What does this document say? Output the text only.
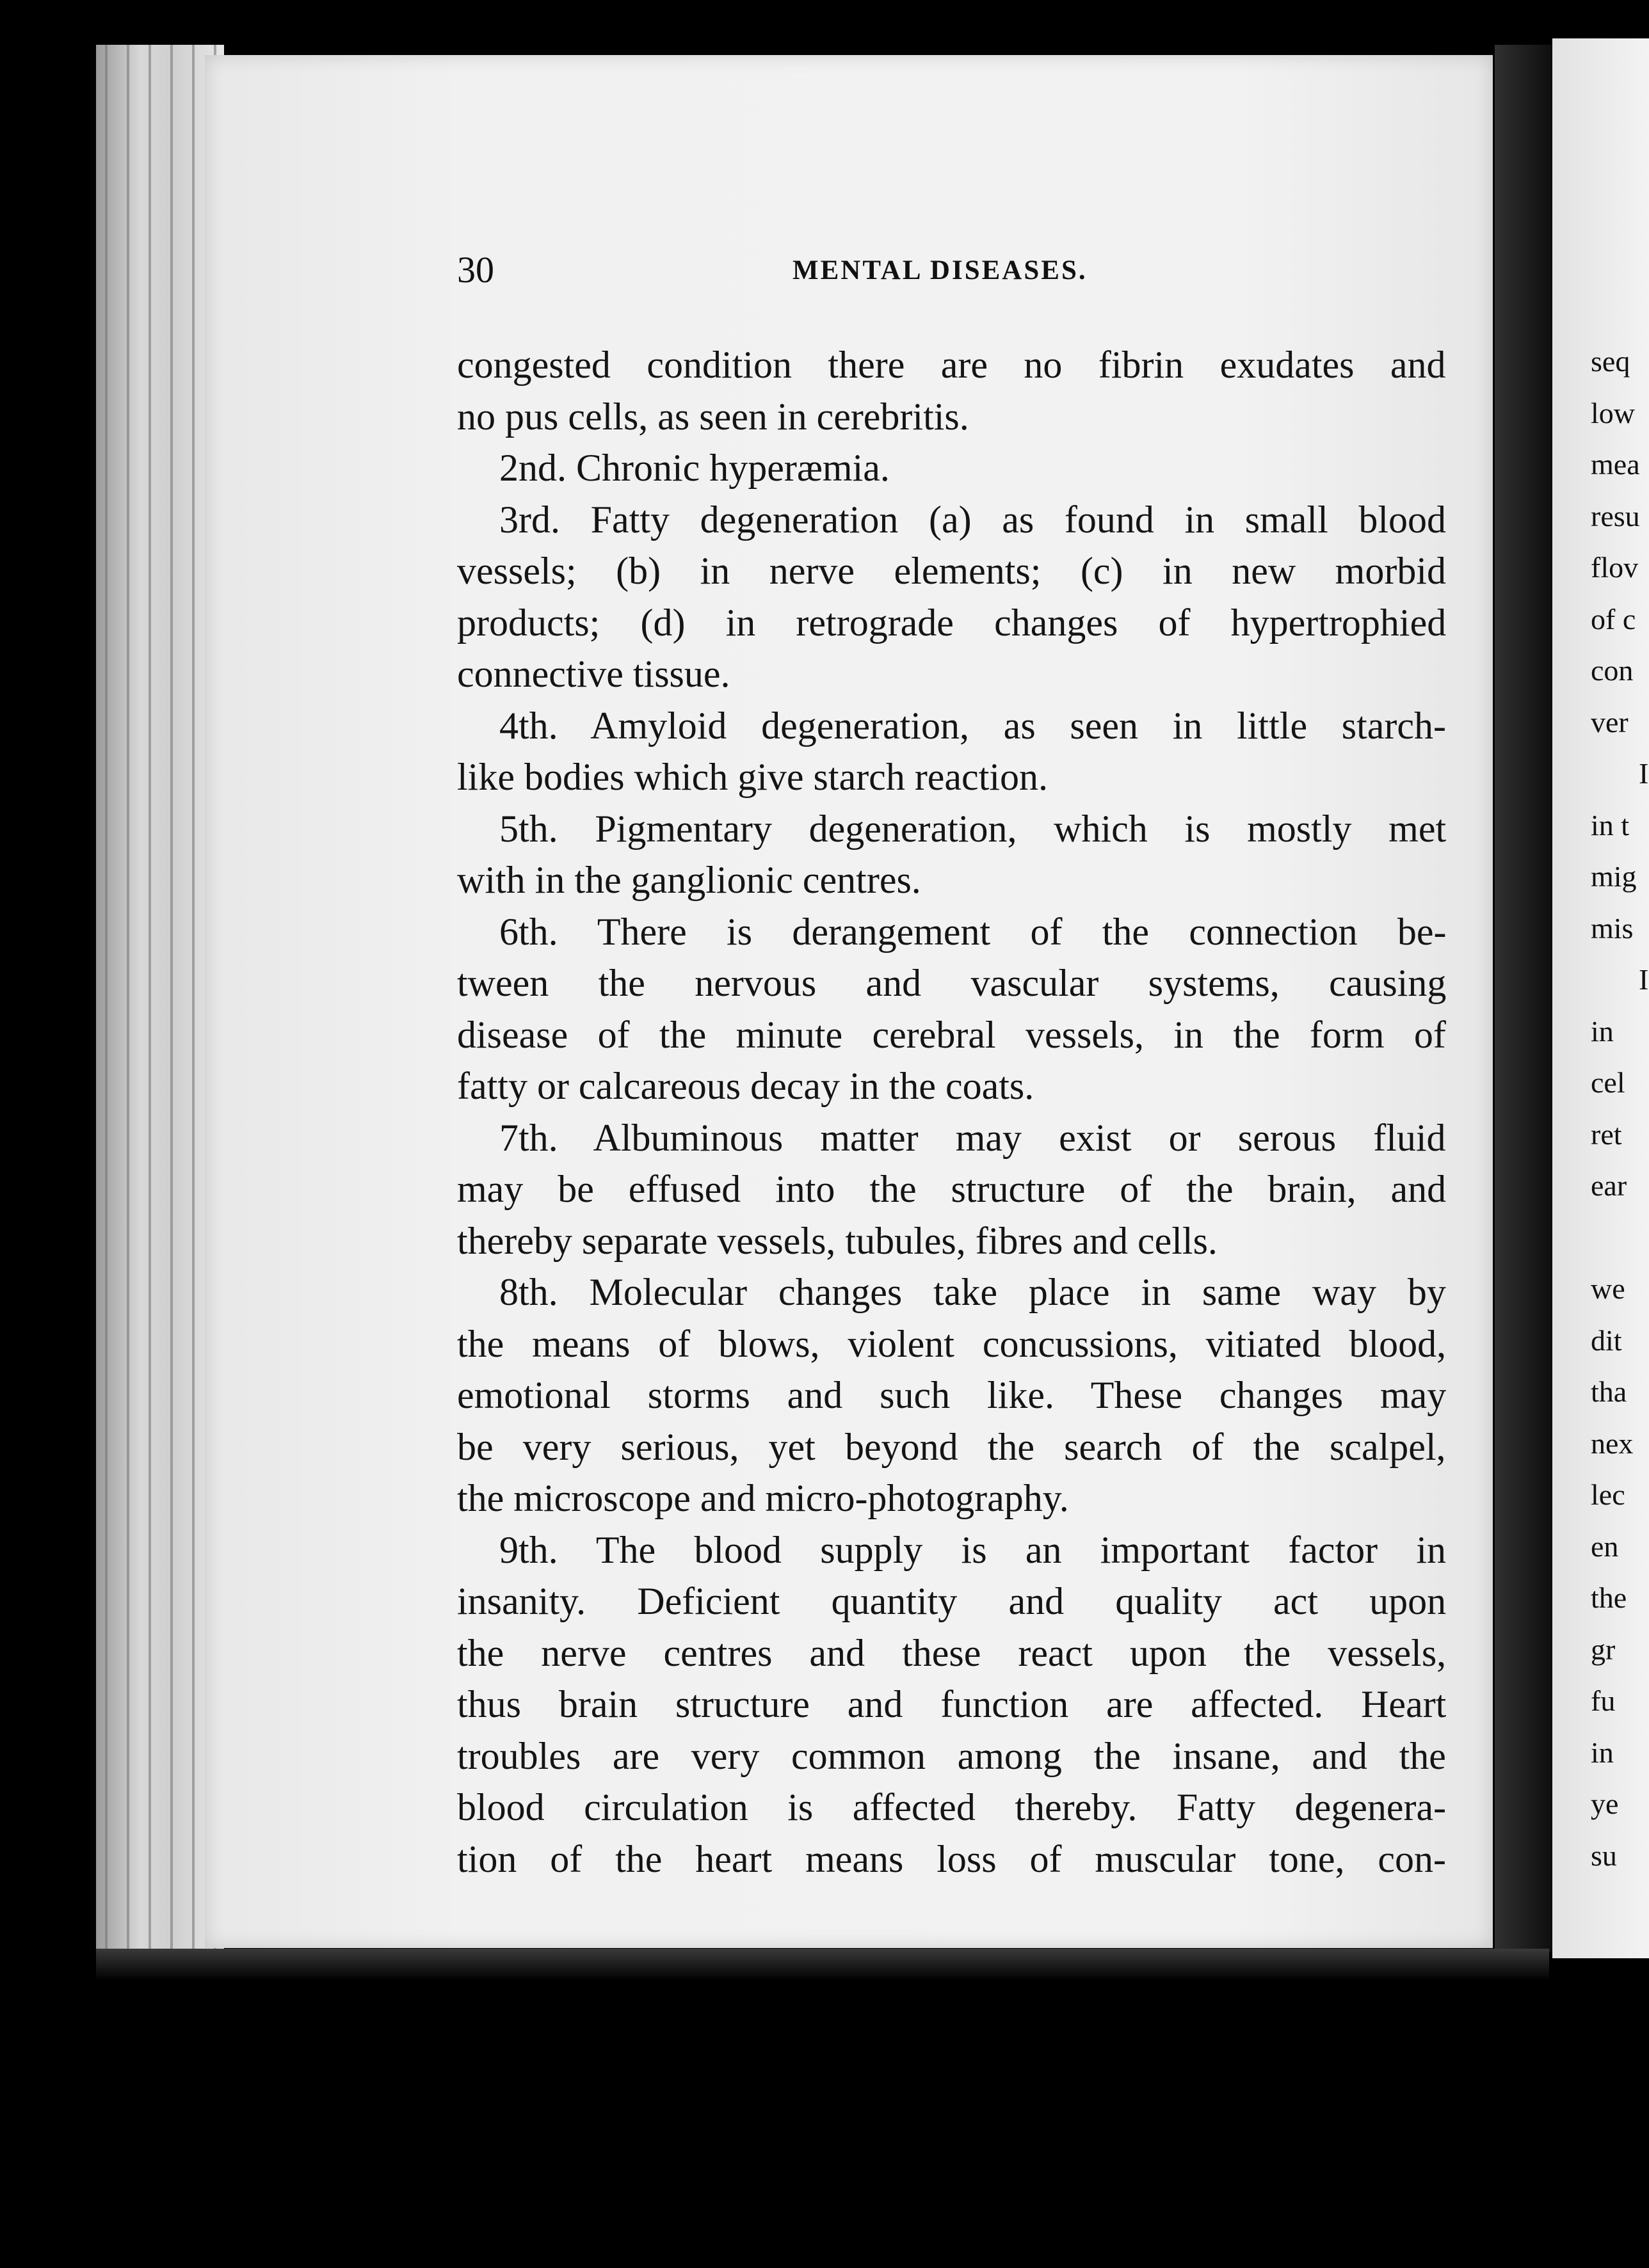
30	MENTAL DISEASES.
congested condition there are no fibrin exudates and
no pus cells, as seen in cerebritis.
2nd. Chronic hyperæmia.
3rd. Fatty degeneration (a) as found in small blood
vessels; (b) in nerve elements; (c) in new morbid
products; (d) in retrograde changes of hypertrophied
connective tissue.
4th. Amyloid degeneration, as seen in little starch-
like bodies which give starch reaction.
5th. Pigmentary degeneration, which is mostly met
with in the ganglionic centres.
6th. There is derangement of the connection be-
tween the nervous and vascular systems, causing
disease of the minute cerebral vessels, in the form of
fatty or calcareous decay in the coats.
7th. Albuminous matter may exist or serous fluid
may be effused into the structure of the brain, and
thereby separate vessels, tubules, fibres and cells.
8th. Molecular changes take place in same way by
the means of blows, violent concussions, vitiated blood,
emotional storms and such like. These changes may
be very serious, yet beyond the search of the scalpel,
the microscope and micro-photography.
9th. The blood supply is an important factor in
insanity. Deficient quantity and quality act upon
the nerve centres and these react upon the vessels,
thus brain structure and function are affected. Heart
troubles are very common among the insane, and the
blood circulation is affected thereby. Fatty degenera-
tion of the heart means loss of muscular tone, con-
seq
low
mea
resu
flov
of c
con
ver
I
in t
mig
mis
I
in
cel
ret
ear
we
dit
tha
nex
lec
en
the
gr
fu
in
ye
su
